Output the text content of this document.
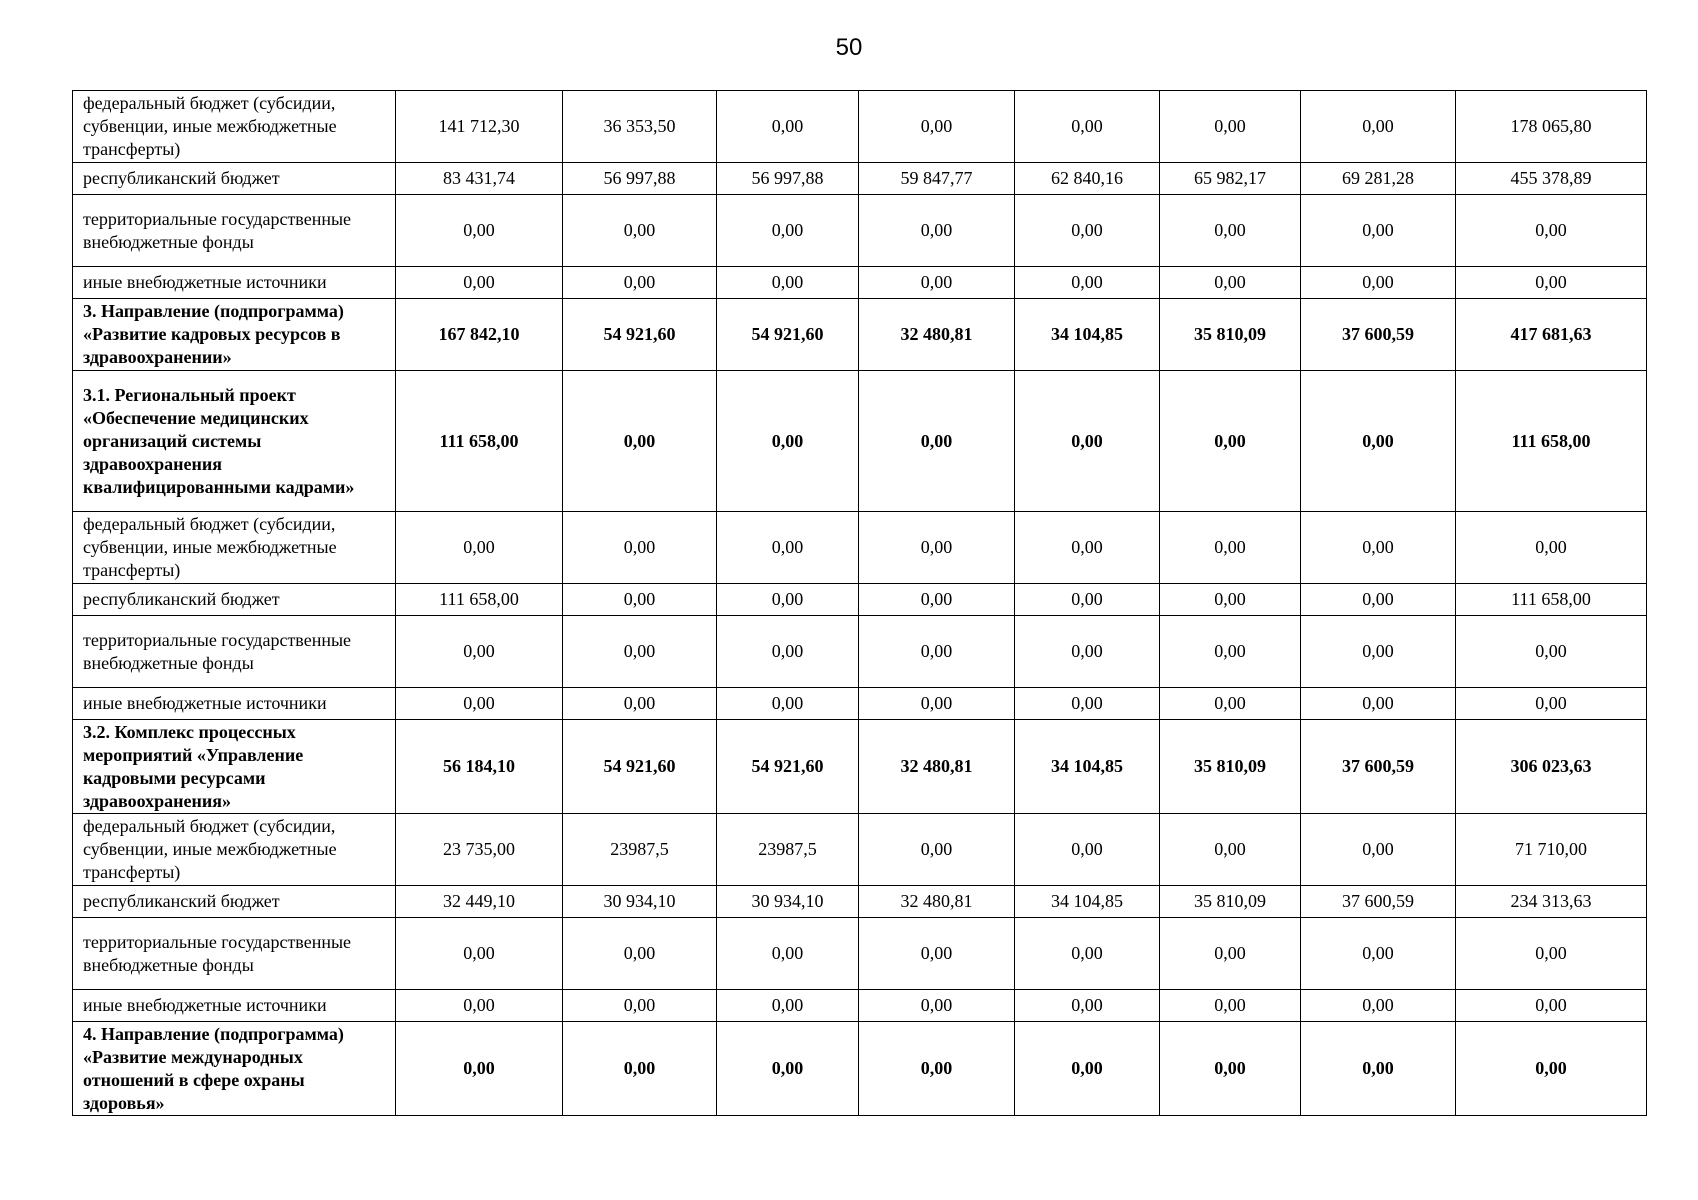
50
федеральный бюджет (субсидии, субвенции, иные межбюджетные трансферты)	141 712,30	36 353,50	0,00	0,00	0,00	0,00	0,00	178 065,80
республиканский бюджет	83 431,74	56 997,88	56 997,88	59 847,77	62 840,16	65 982,17	69 281,28	455 378,89
территориальные государственные внебюджетные фонды	0,00	0,00	0,00	0,00	0,00	0,00	0,00	0,00
иные внебюджетные источники	0,00	0,00	0,00	0,00	0,00	0,00	0,00	0,00
3. Направление (подпрограмма) «Развитие кадровых ресурсов в здравоохранении»	167 842,10	54 921,60	54 921,60	32 480,81	34 104,85	35 810,09	37 600,59	417 681,63
3.1. Региональный проект «Обеспечение медицинских организаций системы здравоохранения квалифицированными кадрами»	111 658,00	0,00	0,00	0,00	0,00	0,00	0,00	111 658,00
федеральный бюджет (субсидии, субвенции, иные межбюджетные трансферты)	0,00	0,00	0,00	0,00	0,00	0,00	0,00	0,00
республиканский бюджет	111 658,00	0,00	0,00	0,00	0,00	0,00	0,00	111 658,00
территориальные государственные внебюджетные фонды	0,00	0,00	0,00	0,00	0,00	0,00	0,00	0,00
иные внебюджетные источники	0,00	0,00	0,00	0,00	0,00	0,00	0,00	0,00
3.2. Комплекс процессных мероприятий «Управление кадровыми ресурсами здравоохранения»	56 184,10	54 921,60	54 921,60	32 480,81	34 104,85	35 810,09	37 600,59	306 023,63
федеральный бюджет (субсидии, субвенции, иные межбюджетные трансферты)	23 735,00	23987,5	23987,5	0,00	0,00	0,00	0,00	71 710,00
республиканский бюджет	32 449,10	30 934,10	30 934,10	32 480,81	34 104,85	35 810,09	37 600,59	234 313,63
территориальные государственные внебюджетные фонды	0,00	0,00	0,00	0,00	0,00	0,00	0,00	0,00
иные внебюджетные источники	0,00	0,00	0,00	0,00	0,00	0,00	0,00	0,00
4. Направление (подпрограмма) «Развитие международных отношений в сфере охраны здоровья»	0,00	0,00	0,00	0,00	0,00	0,00	0,00	0,00
